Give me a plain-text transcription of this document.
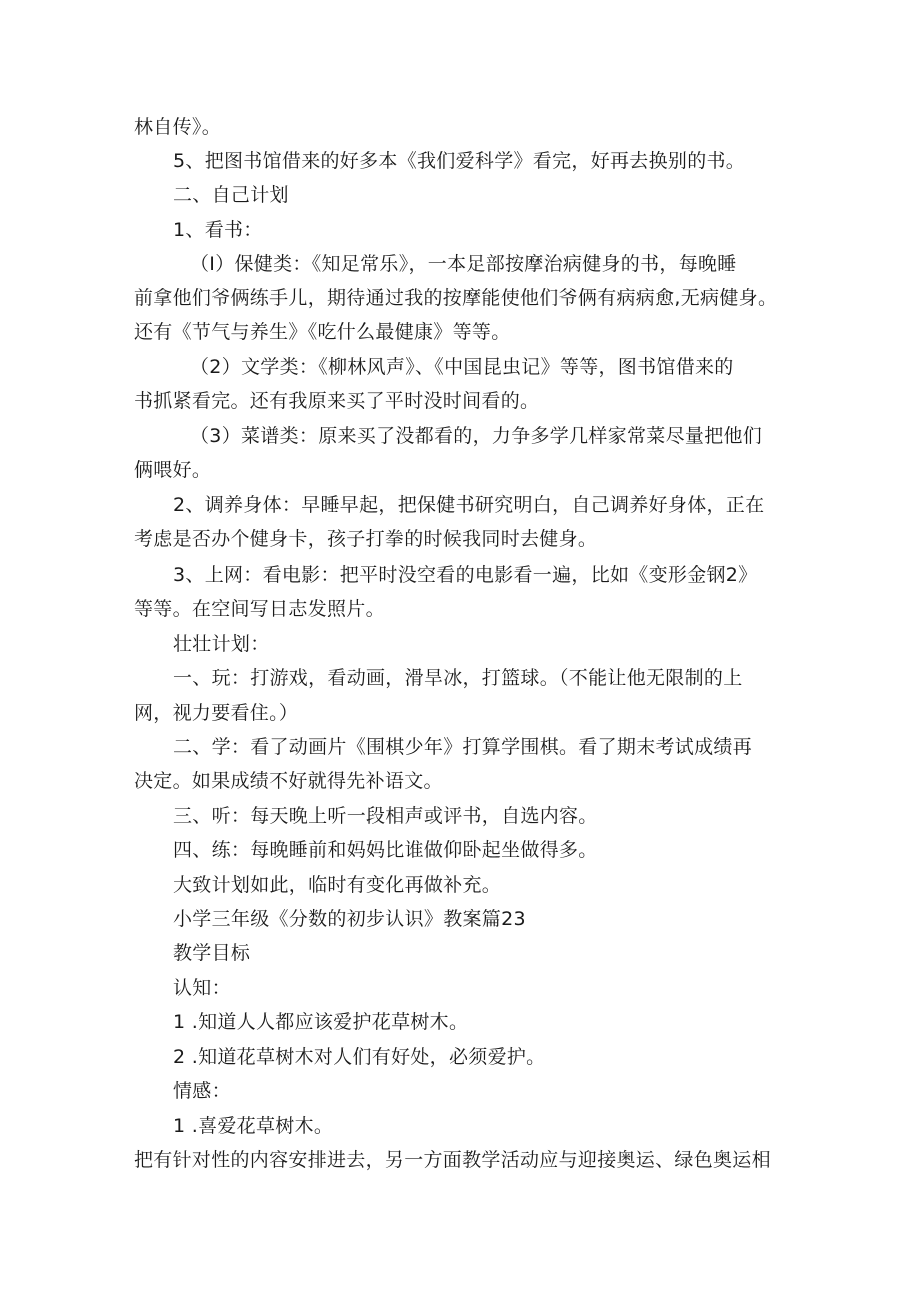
林自传》。
5、把图书馆借来的好多本《我们爱科学》看完，好再去换别的书。
二、自己计划
1、看书：
（I）保健类：《知足常乐》，一本足部按摩治病健身的书，每晚睡
前拿他们爷俩练手儿，期待通过我的按摩能使他们爷俩有病病愈,无病健身。
还有《节气与养生》《吃什么最健康》等等。
（2）文学类：《柳林风声》、《中国昆虫记》等等，图书馆借来的
书抓紧看完。还有我原来买了平时没时间看的。
（3）菜谱类：原来买了没都看的，力争多学几样家常菜尽量把他们
俩喂好。
2、调养身体：早睡早起，把保健书研究明白，自己调养好身体，正在
考虑是否办个健身卡，孩子打拳的时候我同时去健身。
3、上网：看电影：把平时没空看的电影看一遍，比如《变形金钢2》
等等。在空间写日志发照片。
壮壮计划：
一、玩：打游戏，看动画，滑旱冰，打篮球。（不能让他无限制的上
网，视力要看住。）
二、学：看了动画片《围棋少年》打算学围棋。看了期末考试成绩再
决定。如果成绩不好就得先补语文。
三、听：每天晚上听一段相声或评书，自选内容。
四、练：每晚睡前和妈妈比谁做仰卧起坐做得多。
大致计划如此，临时有变化再做补充。
小学三年级《分数的初步认识》教案篇23
教学目标
认知：
1 .知道人人都应该爱护花草树木。
2 .知道花草树木对人们有好处，必须爱护。
情感：
1 .喜爱花草树木。
把有针对性的内容安排进去，另一方面教学活动应与迎接奥运、绿色奥运相
